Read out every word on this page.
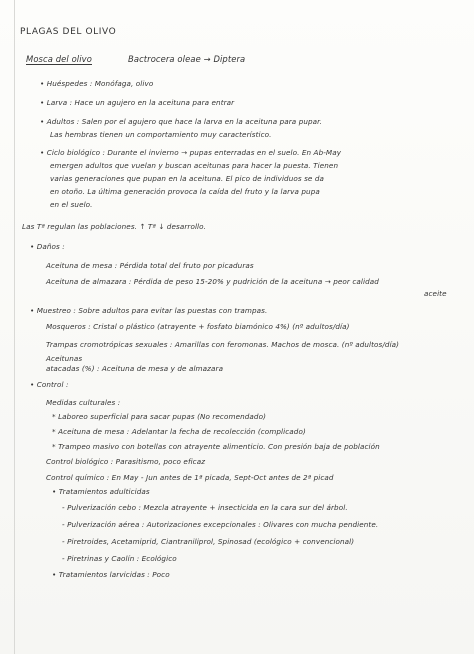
PLAGAS DEL OLIVO
Mosca del olivo	Bactrocera oleae → Diptera
• Huéspedes : Monófaga, olivo
• Larva : Hace un agujero en la aceituna para entrar
• Adultos : Salen por el agujero que hace la larva en la aceituna para pupar.
Las hembras tienen un comportamiento muy característico.
• Ciclo biológico : Durante el invierno → pupas enterradas en el suelo. En Ab-May
emergen adultos que vuelan y buscan aceitunas para hacer la puesta. Tienen
varias generaciones que pupan en la aceituna. El pico de individuos se da
en otoño. La última generación provoca la caída del fruto y la larva pupa
en el suelo.
Las Tª regulan las poblaciones. ↑ Tª ↓ desarrollo.
• Daños :
Aceituna de mesa : Pérdida total del fruto por picaduras
Aceituna de almazara : Pérdida de peso 15-20% y pudrición de la aceituna → peor calidad
aceite
• Muestreo : Sobre adultos para evitar las puestas con trampas.
Mosqueros : Cristal o plástico (atrayente + fosfato biamónico 4%) (nº adultos/día)
Trampas cromotrópicas sexuales : Amarillas con feromonas. Machos de mosca. (nº adultos/día)
Aceitunas
atacadas (%) : Aceituna de mesa y de almazara
• Control :
Medidas culturales :
* Laboreo superficial para sacar pupas (No recomendado)
* Aceituna de mesa : Adelantar la fecha de recolección (complicado)
* Trampeo masivo con botellas con atrayente alimenticio. Con presión baja de población
Control biológico : Parasitismo, poco eficaz
Control químico : En May - Jun antes de 1ª picada, Sept-Oct antes de 2ª picad
• Tratamientos adulticidas
- Pulverización cebo : Mezcla atrayente + insecticida en la cara sur del árbol.
- Pulverización aérea : Autorizaciones excepcionales : Olivares con mucha pendiente.
- Piretroides, Acetamiprid, Ciantraniliprol, Spinosad (ecológico + convencional)
- Piretrinas y Caolín : Ecológico
• Tratamientos larvicidas : Poco
